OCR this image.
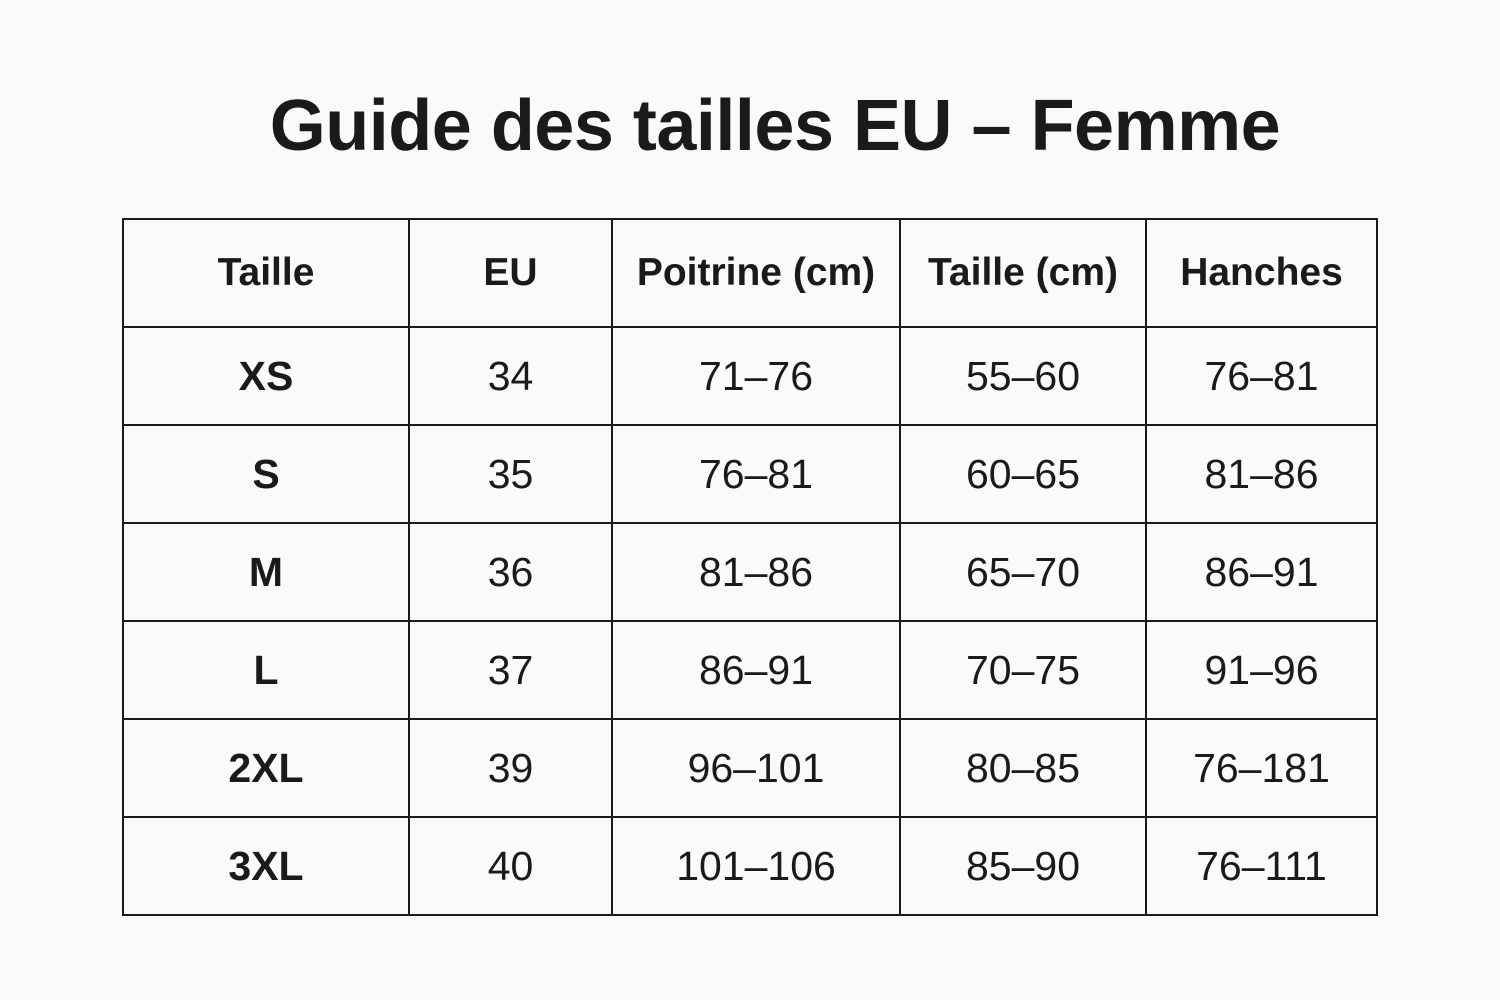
Guide des tailles EU – Femme
Taille	EU	Poitrine (cm)	Taille (cm)	Hanches
XS	34	71–76	55–60	76–81
S	35	76–81	60–65	81–86
M	36	81–86	65–70	86–91
L	37	86–91	70–75	91–96
2XL	39	96–101	80–85	76–181
3XL	40	101–106	85–90	76–111
